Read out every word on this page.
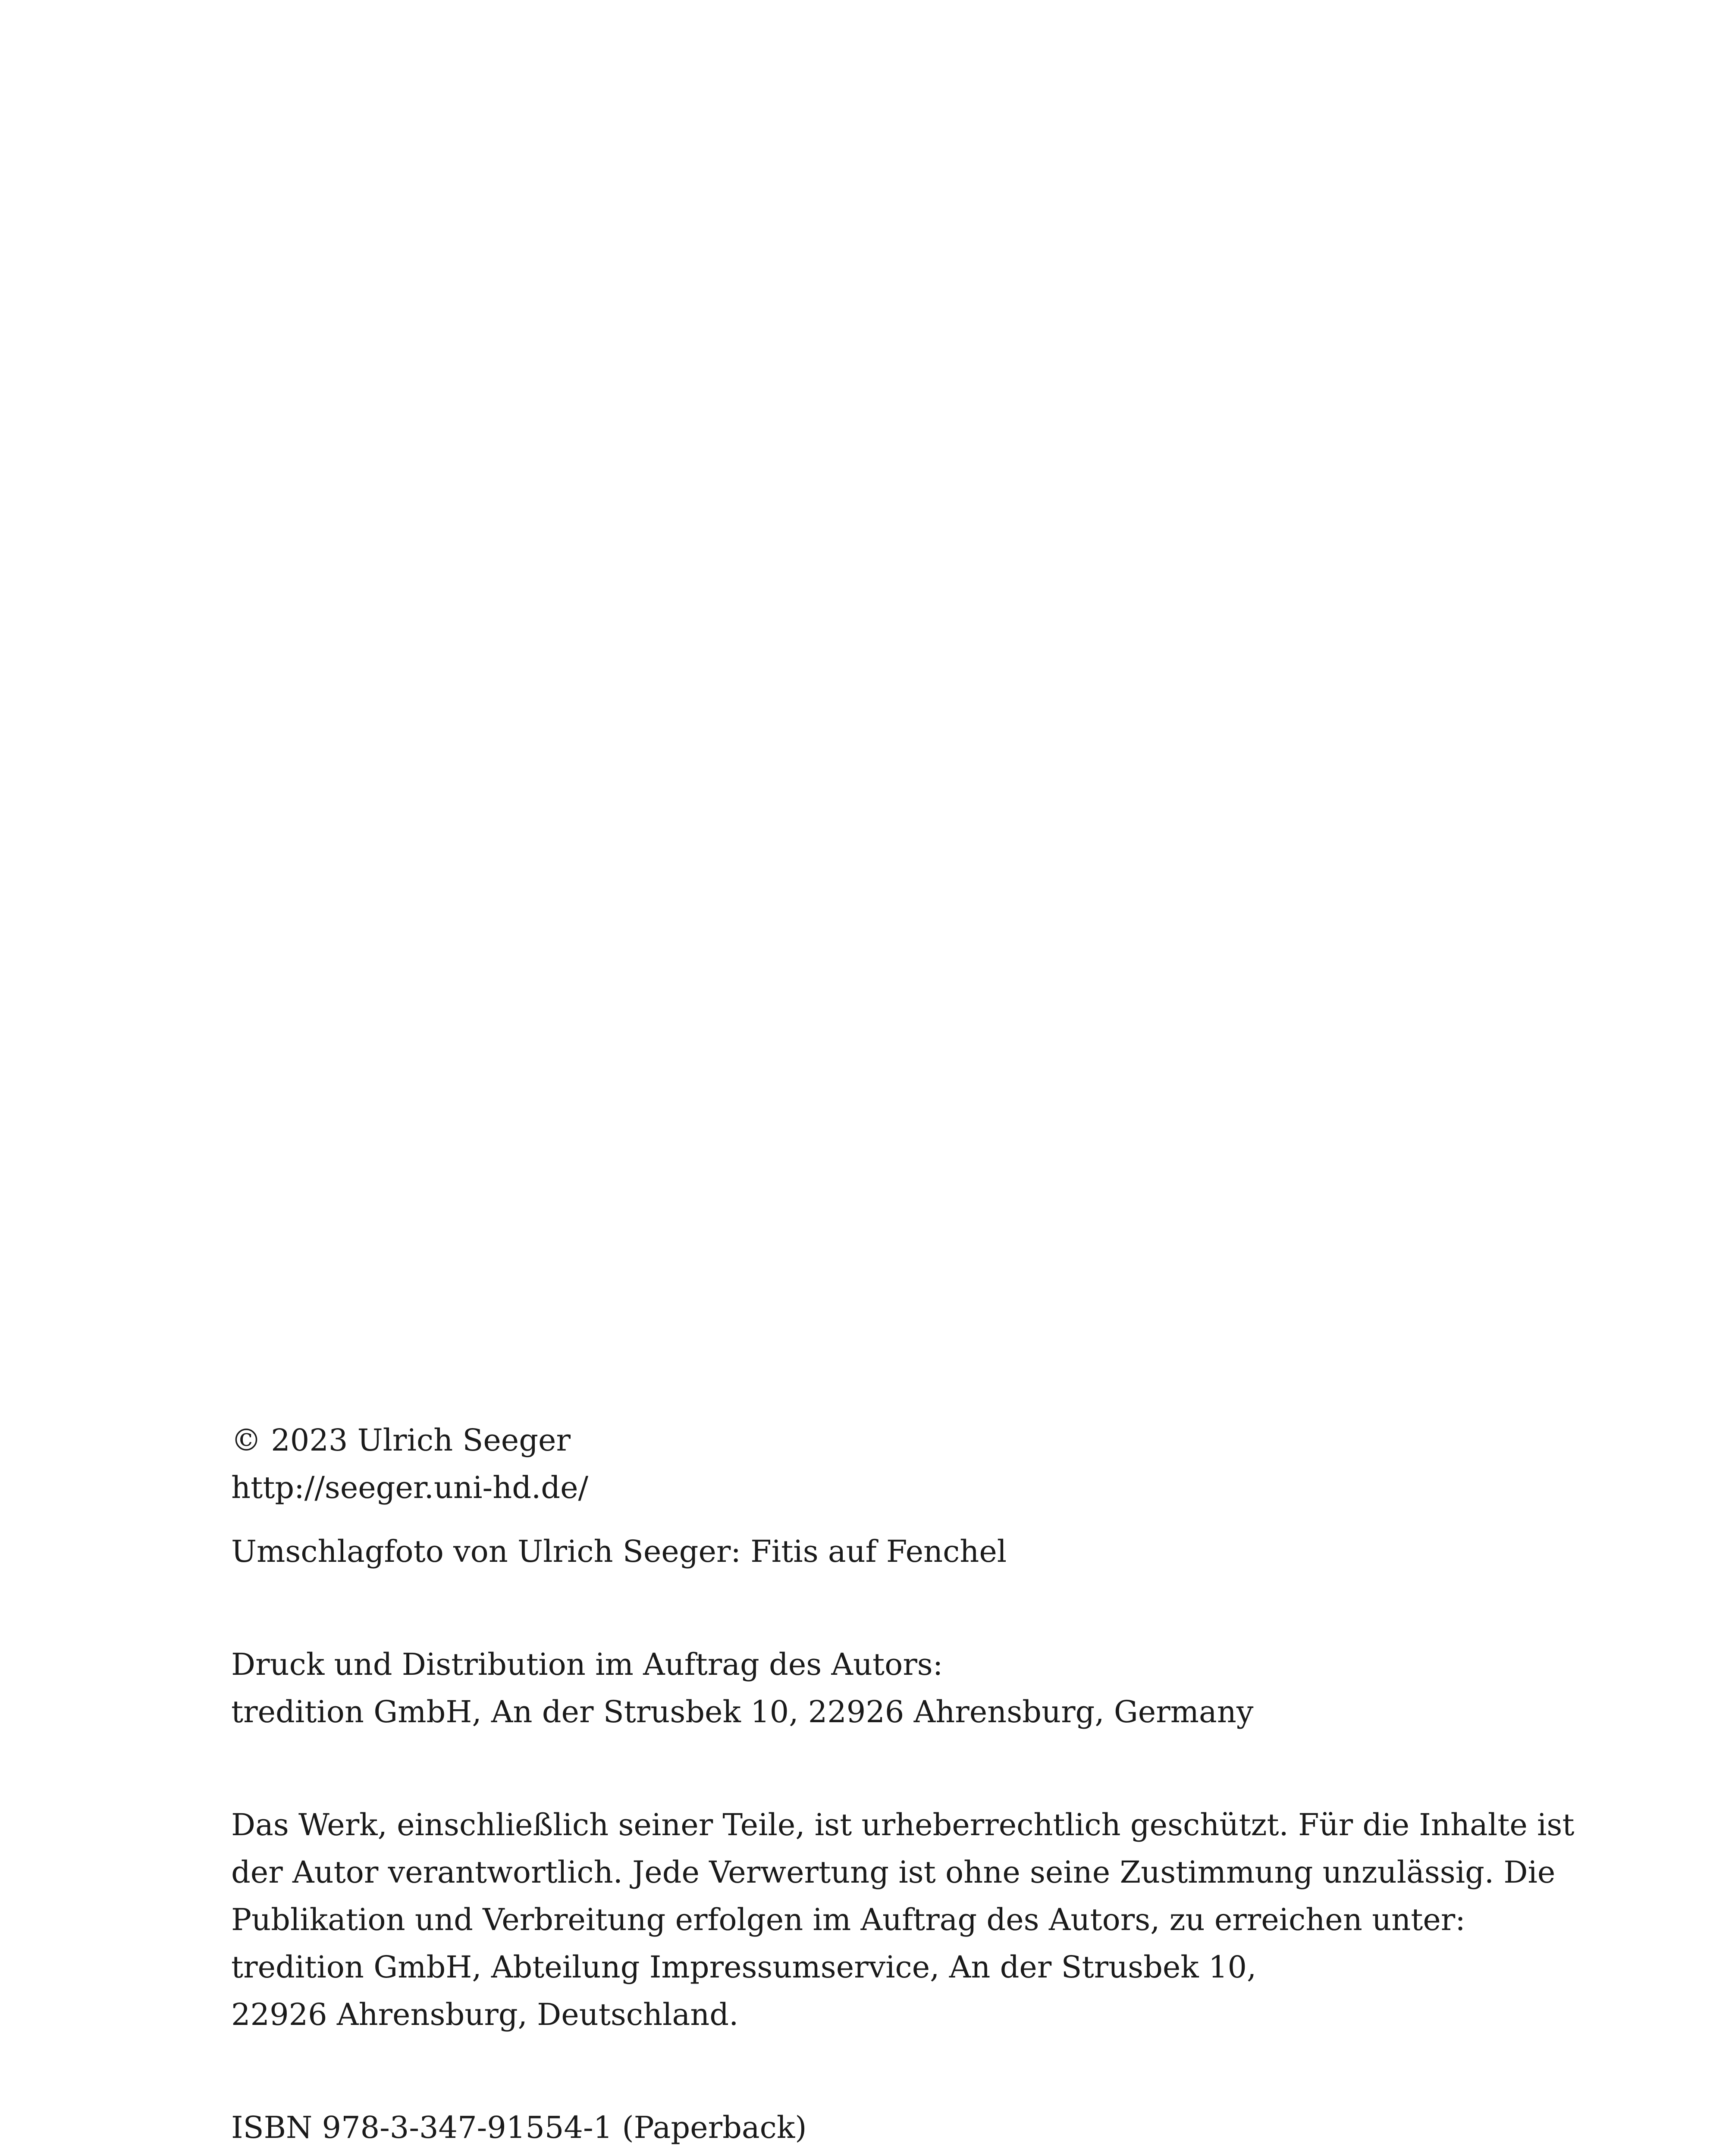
© 2023 Ulrich Seeger
http://seeger.uni-hd.de/

Umschlagfoto von Ulrich Seeger: Fitis auf Fenchel

Druck und Distribution im Auftrag des Autors:
tredition GmbH, An der Strusbek 10, 22926 Ahrensburg, Germany

Das Werk, einschließlich seiner Teile, ist urheberrechtlich geschützt. Für die Inhalte ist
der Autor verantwortlich. Jede Verwertung ist ohne seine Zustimmung unzulässig. Die
Publikation und Verbreitung erfolgen im Auftrag des Autors, zu erreichen unter:
tredition GmbH, Abteilung Impressumservice, An der Strusbek 10,
22926 Ahrensburg, Deutschland.

ISBN 978-3-347-91554-1 (Paperback)
